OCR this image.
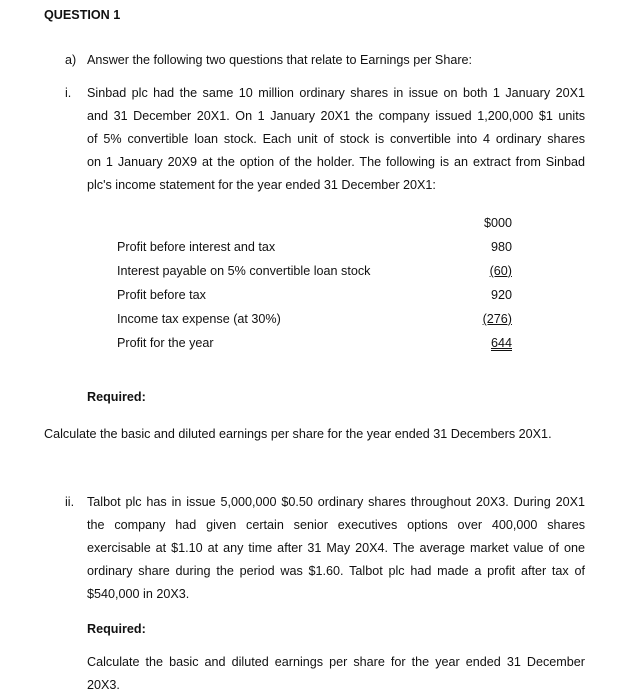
QUESTION 1
a) Answer the following two questions that relate to Earnings per Share:
i. Sinbad plc had the same 10 million ordinary shares in issue on both 1 January 20X1
and 31 December 20X1. On 1 January 20X1 the company issued 1,200,000 $1 units
of 5% convertible loan stock. Each unit of stock is convertible into 4 ordinary shares
on 1 January 20X9 at the option of the holder. The following is an extract from Sinbad
plc's income statement for the year ended 31 December 20X1:
$000
Profit before interest and tax	980
Interest payable on 5% convertible loan stock	(60)
Profit before tax	920
Income tax expense (at 30%)	(276)
Profit for the year	644
Required:
Calculate the basic and diluted earnings per share for the year ended 31 Decembers 20X1.
ii. Talbot plc has in issue 5,000,000 $0.50 ordinary shares throughout 20X3. During 20X1
the company had given certain senior executives options over 400,000 shares
exercisable at $1.10 at any time after 31 May 20X4. The average market value of one
ordinary share during the period was $1.60. Talbot plc had made a profit after tax of
$540,000 in 20X3.
Required:
Calculate the basic and diluted earnings per share for the year ended 31 December
20X3.
